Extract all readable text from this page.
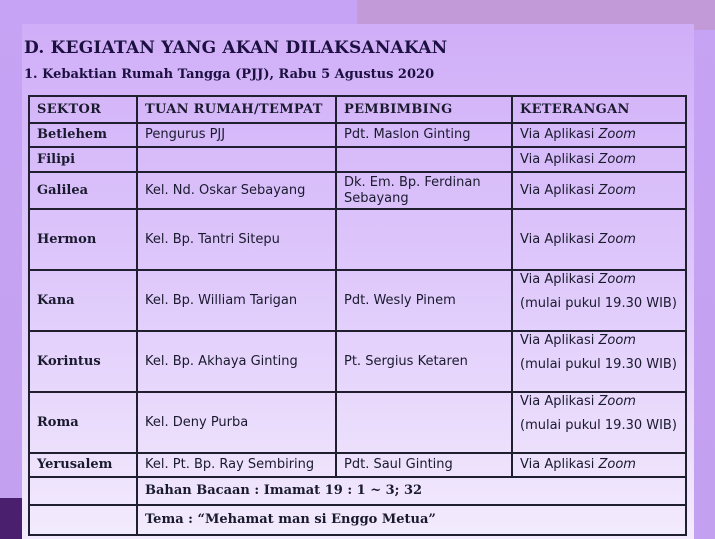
D. KEGIATAN YANG AKAN DILAKSANAKAN
1. Kebaktian Rumah Tangga (PJJ), Rabu 5 Agustus 2020
SEKTOR	TUAN RUMAH/TEMPAT	PEMBIMBING	KETERANGAN
Betlehem	Pengurus PJJ	Pdt. Maslon Ginting	Via Aplikasi Zoom

Filipi			Via Aplikasi Zoom

Galilea	Kel. Nd. Oskar Sebayang	Dk. Em. Bp. Ferdinan Sebayang	Via Aplikasi Zoom

Hermon	Kel. Bp. Tantri Sitepu		Via Aplikasi Zoom

Kana	Kel. Bp. William Tarigan	Pdt. Wesly Pinem	Via Aplikasi Zoom
(mulai pukul 19.30 WIB)

Korintus	Kel. Bp. Akhaya Ginting	Pt. Sergius Ketaren	Via Aplikasi Zoom
(mulai pukul 19.30 WIB)

Roma	Kel. Deny Purba		Via Aplikasi Zoom
(mulai pukul 19.30 WIB)

Yerusalem	Kel. Pt. Bp. Ray Sembiring	Pdt. Saul Ginting	Via Aplikasi Zoom

	Bahan Bacaan : Imamat 19 : 1 ~ 3; 32		
	Tema : “Mehamat man si Enggo Metua”		
